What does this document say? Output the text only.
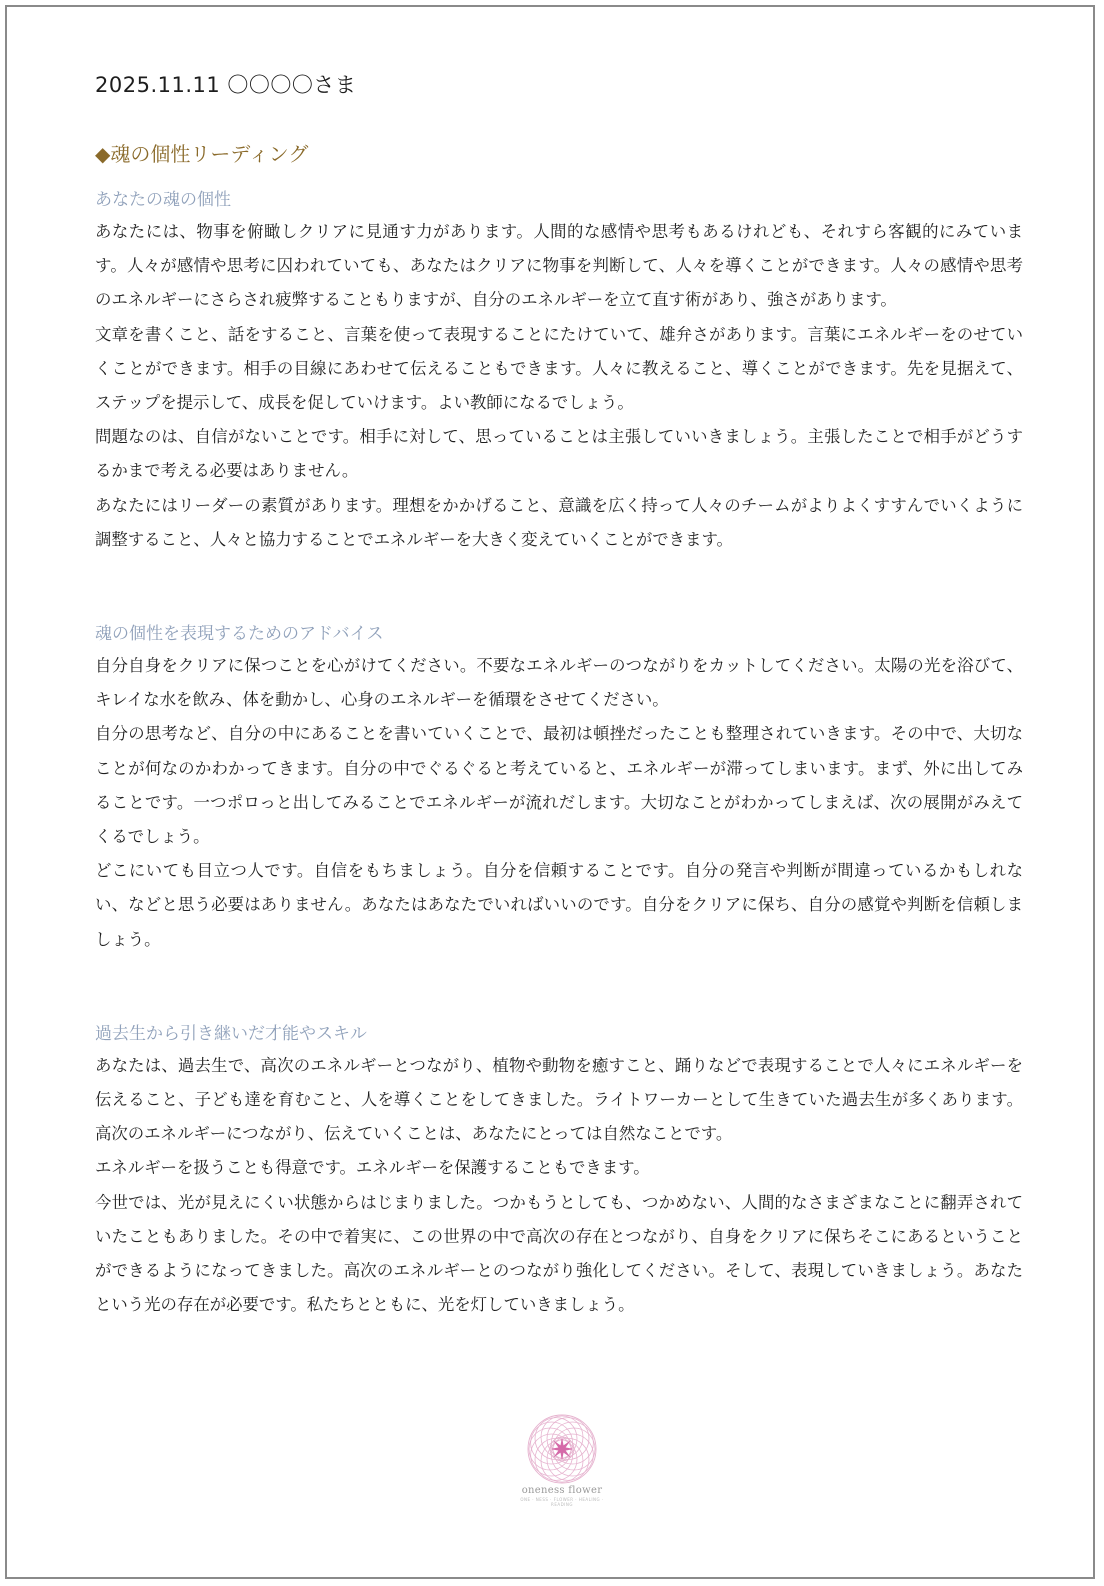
2025.11.11 〇〇〇〇さま
◆魂の個性リーディング
あなたの魂の個性

あなたには、物事を俯瞰しクリアに見通す力があります。人間的な感情や思考もあるけれども、それすら客観的にみています。人々が感情や思考に囚われていても、あなたはクリアに物事を判断して、人々を導くことができます。人々の感情や思考のエネルギーにさらされ疲弊することもりますが、自分のエネルギーを立て直す術があり、強さがあります。

文章を書くこと、話をすること、言葉を使って表現することにたけていて、雄弁さがあります。言葉にエネルギーをのせていくことができます。相手の目線にあわせて伝えることもできます。人々に教えること、導くことができます。先を見据えて、ステップを提示して、成長を促していけます。よい教師になるでしょう。

問題なのは、自信がないことです。相手に対して、思っていることは主張していいきましょう。主張したことで相手がどうするかまで考える必要はありません。

あなたにはリーダーの素質があります。理想をかかげること、意識を広く持って人々のチームがよりよくすすんでいくように調整すること、人々と協力することでエネルギーを大きく変えていくことができます。

魂の個性を表現するためのアドバイス

自分自身をクリアに保つことを心がけてください。不要なエネルギーのつながりをカットしてください。太陽の光を浴びて、キレイな水を飲み、体を動かし、心身のエネルギーを循環をさせてください。

自分の思考など、自分の中にあることを書いていくことで、最初は頓挫だったことも整理されていきます。その中で、大切なことが何なのかわかってきます。自分の中でぐるぐると考えていると、エネルギーが滞ってしまいます。まず、外に出してみることです。一つポロっと出してみることでエネルギーが流れだします。大切なことがわかってしまえば、次の展開がみえてくるでしょう。

どこにいても目立つ人です。自信をもちましょう。自分を信頼することです。自分の発言や判断が間違っているかもしれない、などと思う必要はありません。あなたはあなたでいればいいのです。自分をクリアに保ち、自分の感覚や判断を信頼しましょう。

過去生から引き継いだ才能やスキル

あなたは、過去生で、高次のエネルギーとつながり、植物や動物を癒すこと、踊りなどで表現することで人々にエネルギーを伝えること、子ども達を育むこと、人を導くことをしてきました。ライトワーカーとして生きていた過去生が多くあります。高次のエネルギーにつながり、伝えていくことは、あなたにとっては自然なことです。

エネルギーを扱うことも得意です。エネルギーを保護することもできます。

今世では、光が見えにくい状態からはじまりました。つかもうとしても、つかめない、人間的なさまざまなことに翻弄されていたこともありました。その中で着実に、この世界の中で高次の存在とつながり、自身をクリアに保ちそこにあるということができるようになってきました。高次のエネルギーとのつながり強化してください。そして、表現していきましょう。あなたという光の存在が必要です。私たちとともに、光を灯していきましょう。

oneness flower
ONE · NESS · FLOWER · HEALING · READING
